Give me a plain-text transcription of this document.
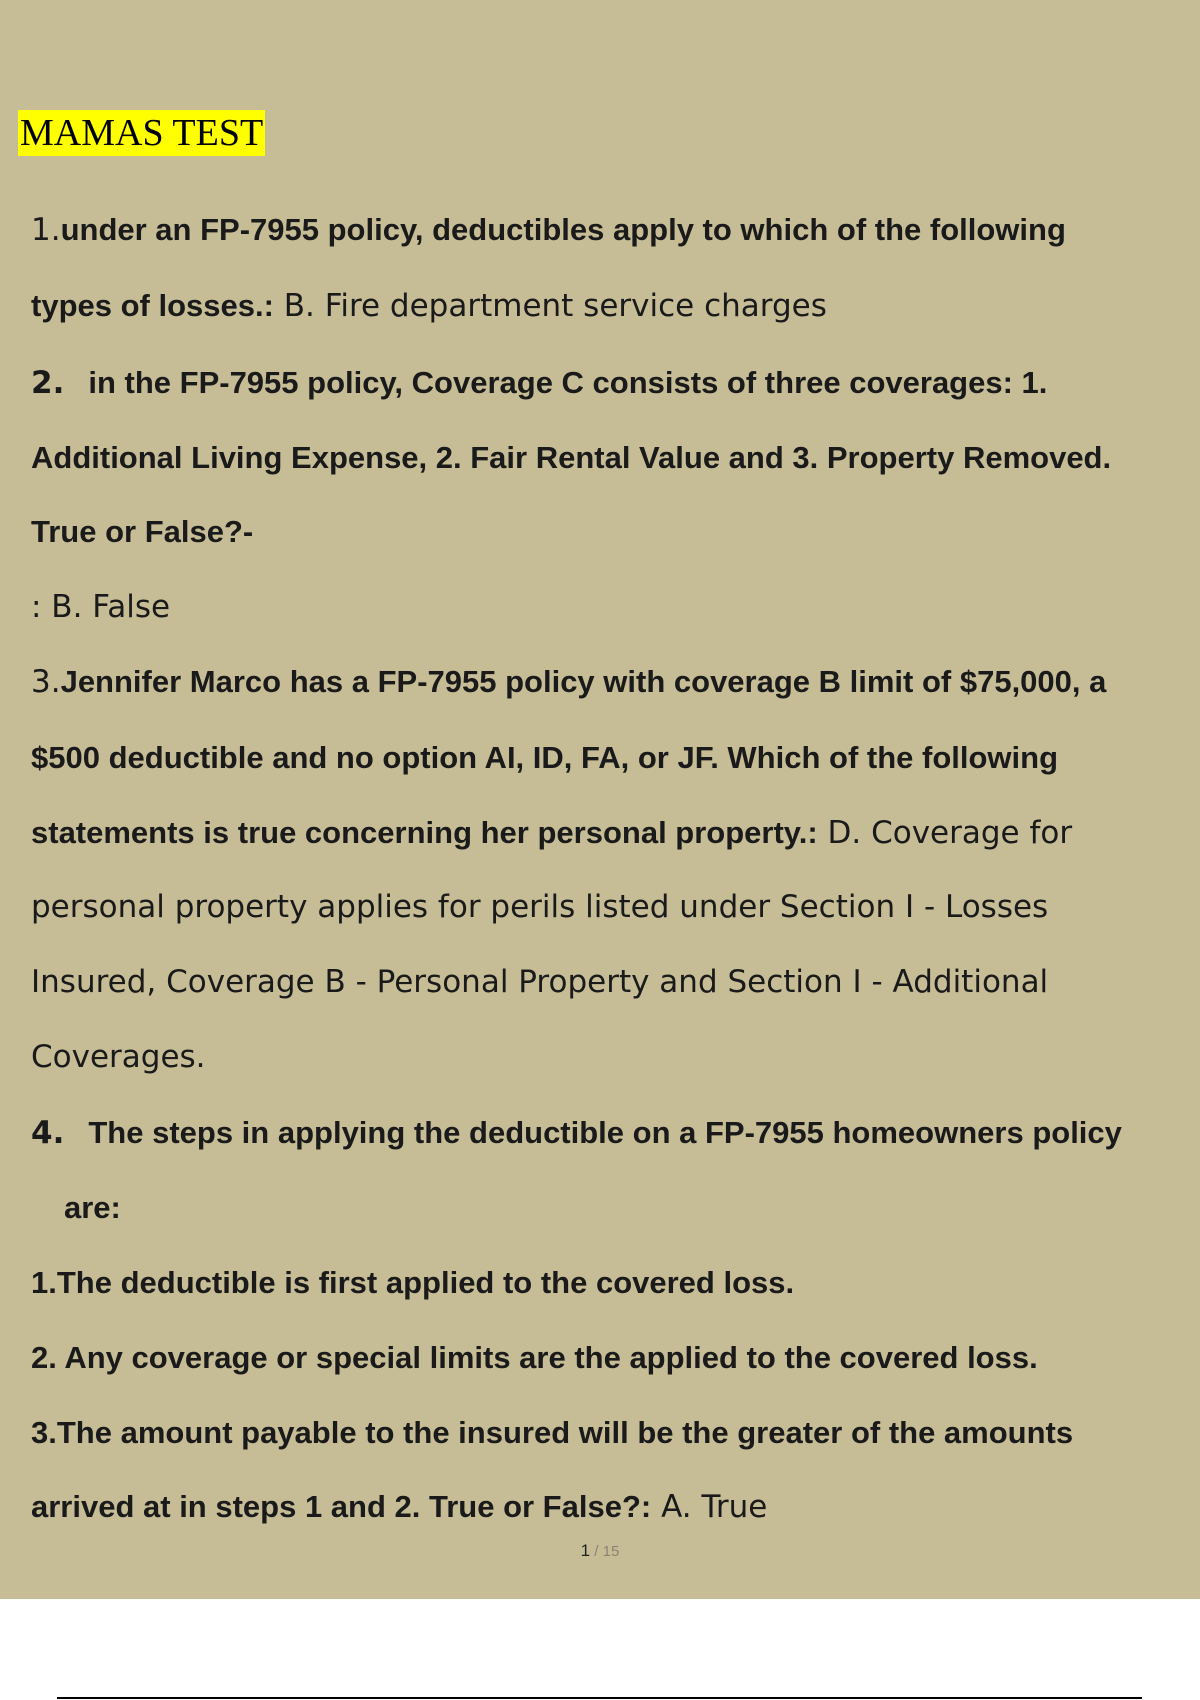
MAMAS TEST
1.under an FP-7955 policy, deductibles apply to which of the following
types of losses.: B. Fire department service charges
2. in the FP-7955 policy, Coverage C consists of three coverages: 1.
Additional Living Expense, 2. Fair Rental Value and 3. Property Removed.
True or False?-
: B. False
3.Jennifer Marco has a FP-7955 policy with coverage B limit of $75,000, a
$500 deductible and no option AI, ID, FA, or JF. Which of the following
statements is true concerning her personal property.: D. Coverage for
personal property applies for perils listed under Section I - Losses
Insured, Coverage B - Personal Property and Section I - Additional
Coverages.
4. The steps in applying the deductible on a FP-7955 homeowners policy
are:
1.The deductible is first applied to the covered loss.
2. Any coverage or special limits are the applied to the covered loss.
3.The amount payable to the insured will be the greater of the amounts
arrived at in steps 1 and 2. True or False?: A. True
1 / 15
